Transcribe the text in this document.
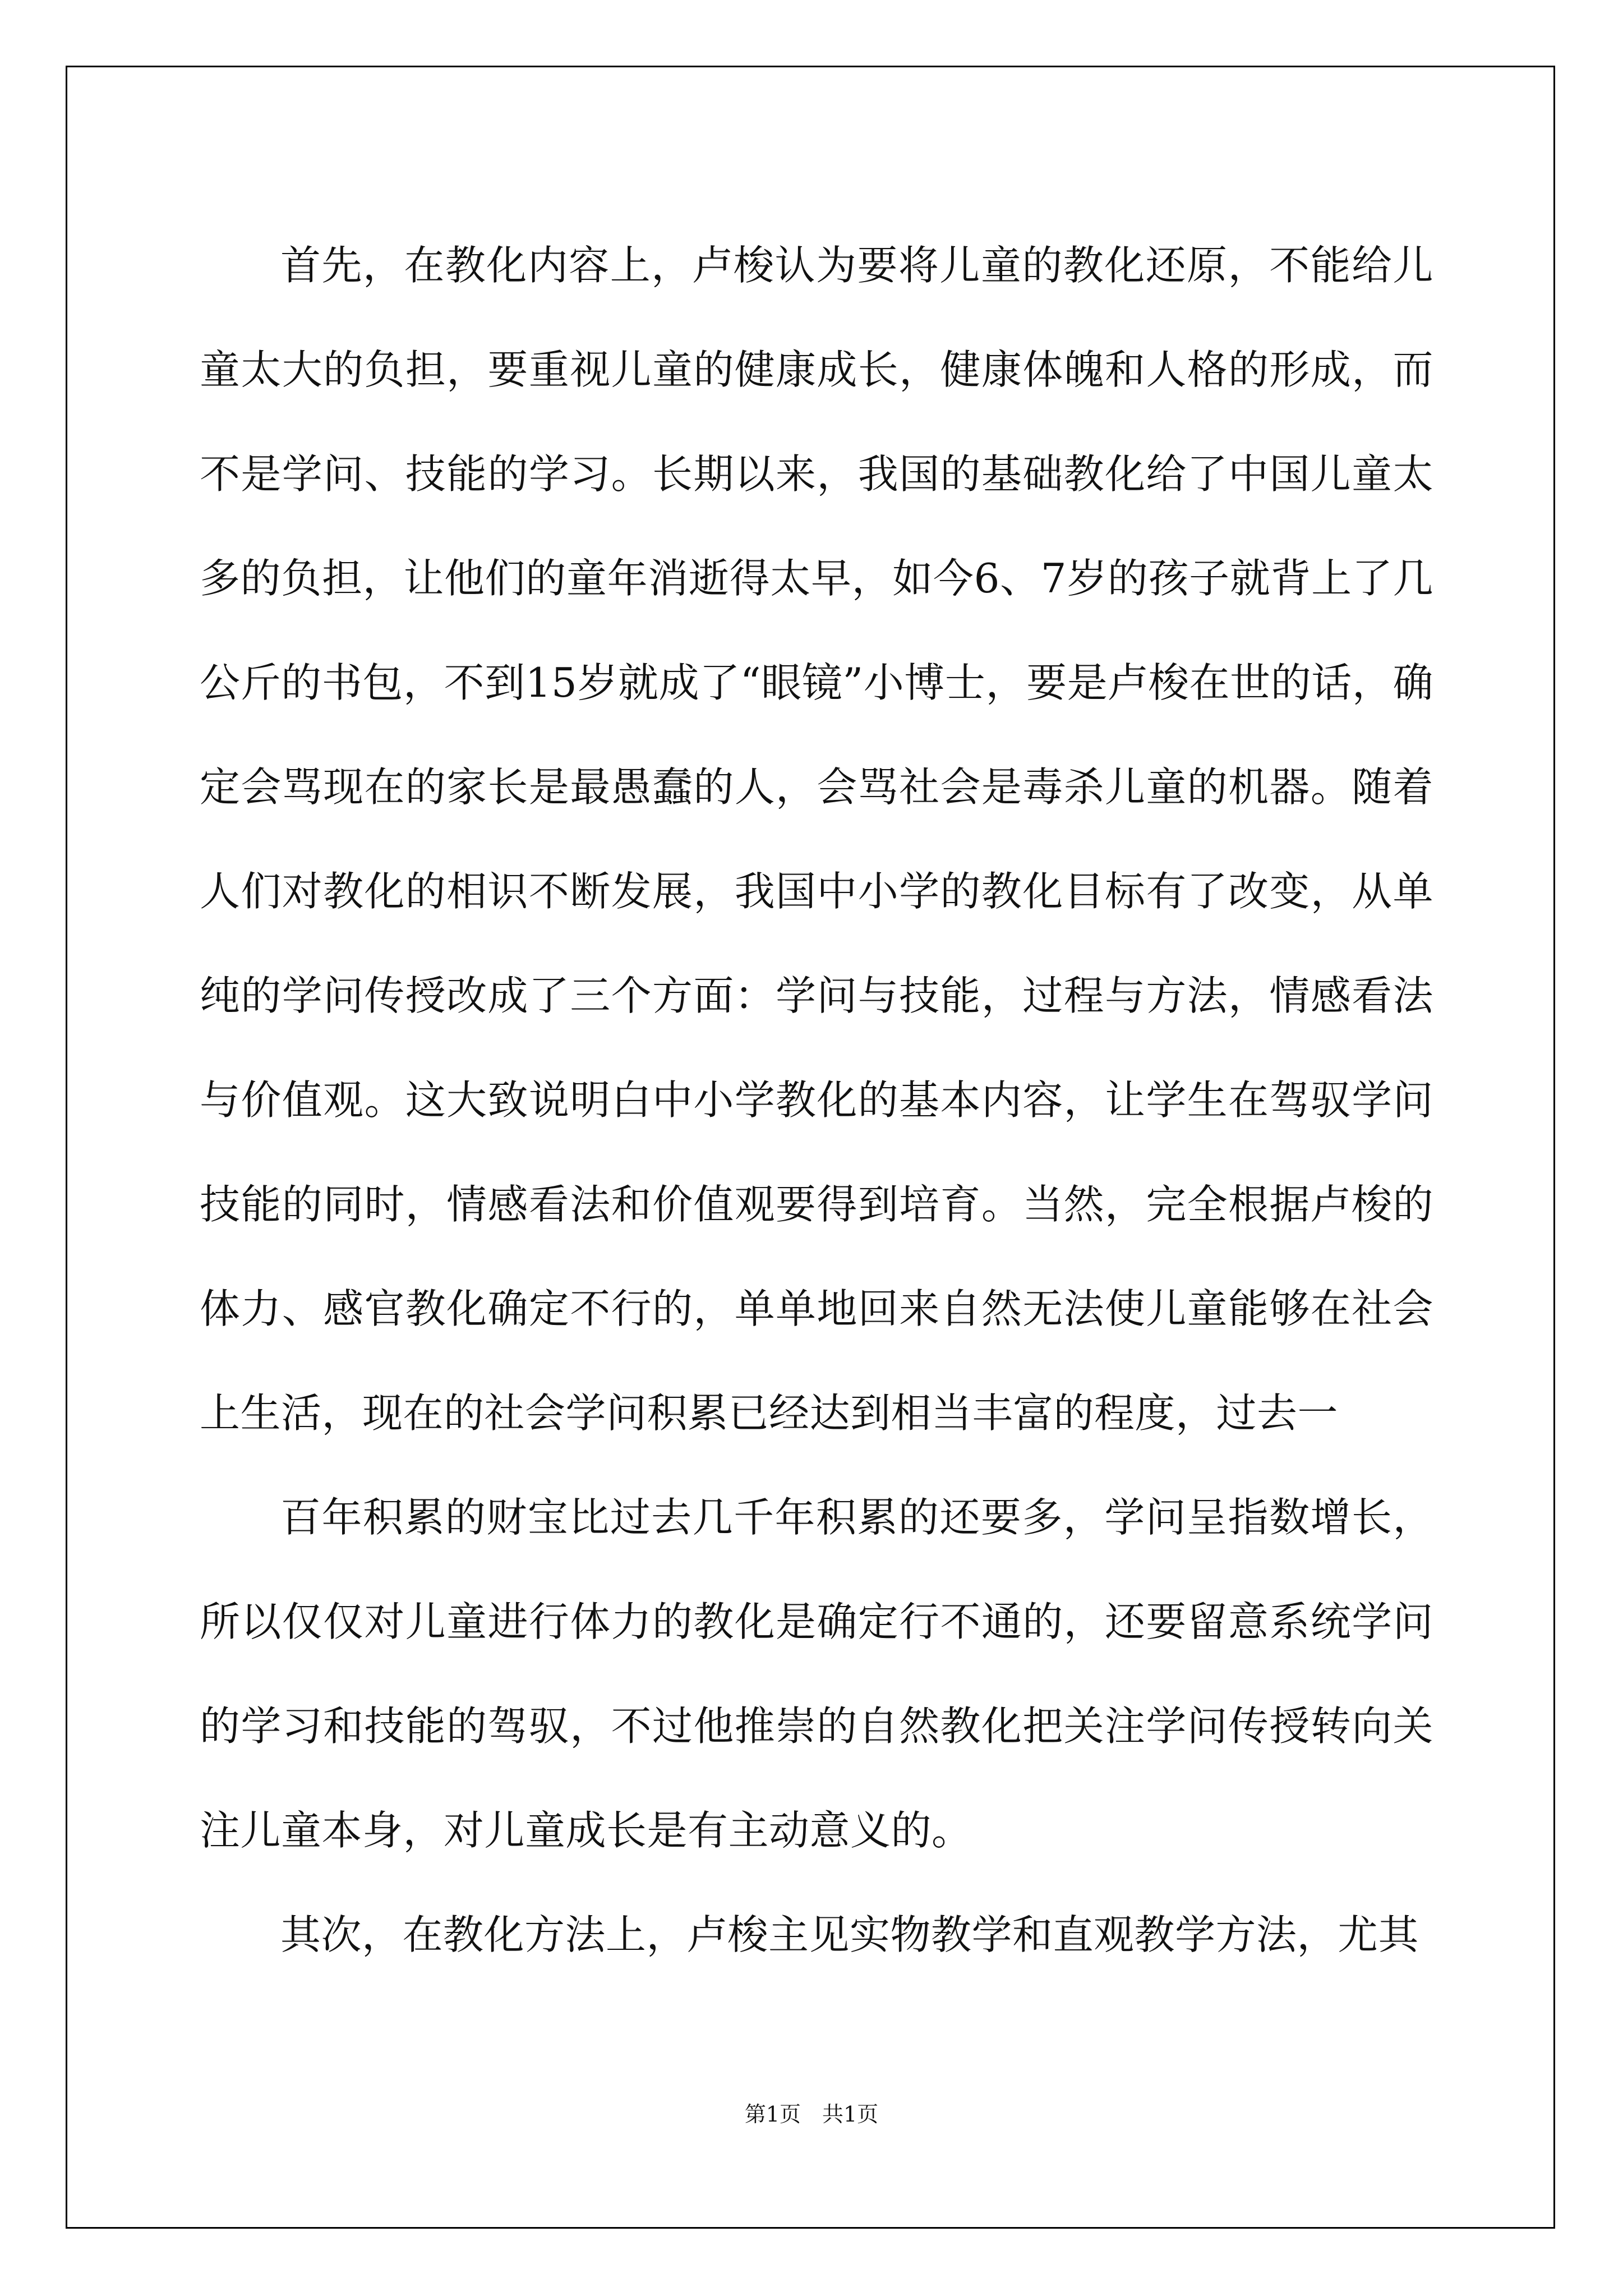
首先，在教化内容上，卢梭认为要将儿童的教化还原，不能给儿童太大的负担，要重视儿童的健康成长，健康体魄和人格的形成，而不是学问、技能的学习。长期以来，我国的基础教化给了中国儿童太多的负担，让他们的童年消逝得太早，如今6、7岁的孩子就背上了几公斤的书包，不到15岁就成了“眼镜”小博士，要是卢梭在世的话，确定会骂现在的家长是最愚蠢的人，会骂社会是毒杀儿童的机器。随着人们对教化的相识不断发展，我国中小学的教化目标有了改变，从单纯的学问传授改成了三个方面：学问与技能，过程与方法，情感看法与价值观。这大致说明白中小学教化的基本内容，让学生在驾驭学问技能的同时，情感看法和价值观要得到培育。当然，完全根据卢梭的体力、感官教化确定不行的，单单地回来自然无法使儿童能够在社会上生活，现在的社会学问积累已经达到相当丰富的程度，过去一

百年积累的财宝比过去几千年积累的还要多，学问呈指数增长，所以仅仅对儿童进行体力的教化是确定行不通的，还要留意系统学问的学习和技能的驾驭，不过他推崇的自然教化把关注学问传授转向关注儿童本身，对儿童成长是有主动意义的。

其次，在教化方法上，卢梭主见实物教学和直观教学方法，尤其

第1页　共1页
